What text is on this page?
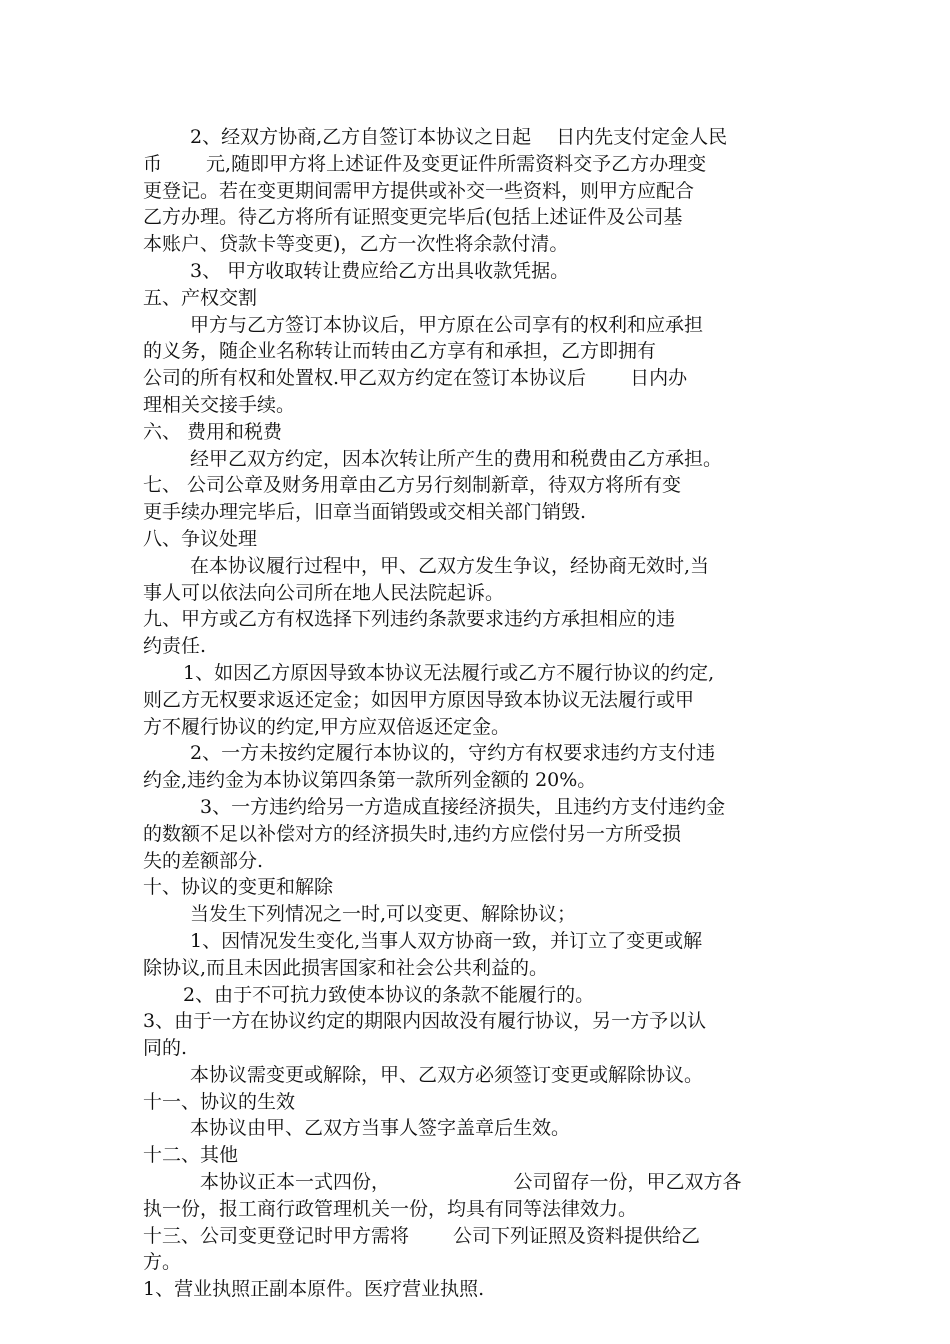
2、经双方协商,乙方自签订本协议之日起　 日内先支付定金人民
币　　 元,随即甲方将上述证件及变更证件所需资料交予乙方办理变
更登记。若在变更期间需甲方提供或补交一些资料，则甲方应配合
乙方办理。待乙方将所有证照变更完毕后(包括上述证件及公司基
本账户、贷款卡等变更)，乙方一次性将余款付清。
3、 甲方收取转让费应给乙方出具收款凭据。
五、产权交割
甲方与乙方签订本协议后，甲方原在公司享有的权利和应承担
的义务，随企业名称转让而转由乙方享有和承担，乙方即拥有
公司的所有权和处置权.甲乙双方约定在签订本协议后　　 日内办
理相关交接手续。
六、 费用和税费
经甲乙双方约定，因本次转让所产生的费用和税费由乙方承担。
七、 公司公章及财务用章由乙方另行刻制新章，待双方将所有变
更手续办理完毕后，旧章当面销毁或交相关部门销毁.
八、争议处理
在本协议履行过程中，甲、乙双方发生争议，经协商无效时,当
事人可以依法向公司所在地人民法院起诉。
九、甲方或乙方有权选择下列违约条款要求违约方承担相应的违
约责任.
1、如因乙方原因导致本协议无法履行或乙方不履行协议的约定,
则乙方无权要求返还定金；如因甲方原因导致本协议无法履行或甲
方不履行协议的约定,甲方应双倍返还定金。
2、一方未按约定履行本协议的，守约方有权要求违约方支付违
约金,违约金为本协议第四条第一款所列金额的 20%。
3、一方违约给另一方造成直接经济损失，且违约方支付违约金
的数额不足以补偿对方的经济损失时,违约方应偿付另一方所受损
失的差额部分.
十、协议的变更和解除
当发生下列情况之一时,可以变更、解除协议；
1、因情况发生变化,当事人双方协商一致，并订立了变更或解
除协议,而且未因此损害国家和社会公共利益的。
2、由于不可抗力致使本协议的条款不能履行的。
3、由于一方在协议约定的期限内因故没有履行协议，另一方予以认
同的.
本协议需变更或解除，甲、乙双方必须签订变更或解除协议。
十一、协议的生效
本协议由甲、乙双方当事人签字盖章后生效。
十二、其他
本协议正本一式四份，　　　　　　　公司留存一份，甲乙双方各
执一份，报工商行政管理机关一份，均具有同等法律效力。
十三、公司变更登记时甲方需将　　 公司下列证照及资料提供给乙
方。
1、营业执照正副本原件。医疗营业执照.
